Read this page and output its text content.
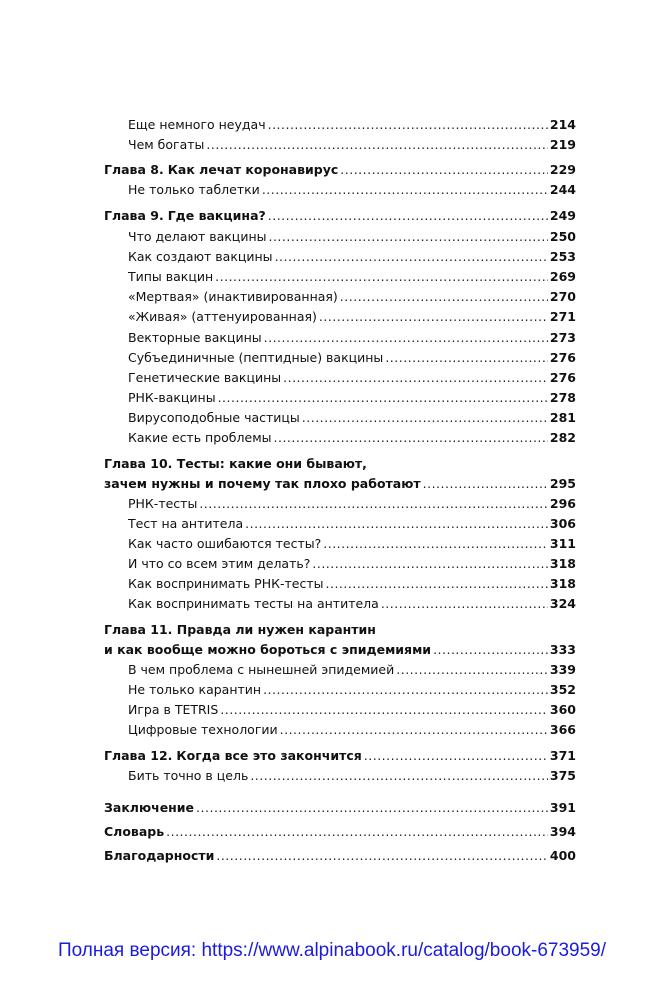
Еще немного неудач .....	214
Чем богаты .....	219
Глава 8. Как лечат коронавирус .....	229
Не только таблетки .....	244
Глава 9. Где вакцина? .....	249
Что делают вакцины .....	250
Как создают вакцины .....	253
Типы вакцин .....	269
«Мертвая» (инактивированная) .....	270
«Живая» (аттенуированная) .....	271
Векторные вакцины .....	273
Субъединичные (пептидные) вакцины .....	276
Генетические вакцины .....	276
РНК-вакцины .....	278
Вирусоподобные частицы .....	281
Какие есть проблемы .....	282
Глава 10. Тесты: какие они бывают,
зачем нужны и почему так плохо работают .....	295
РНК-тесты .....	296
Тест на антитела .....	306
Как часто ошибаются тесты? .....	311
И что со всем этим делать? .....	318
Как воспринимать РНК-тесты .....	318
Как воспринимать тесты на антитела .....	324
Глава 11. Правда ли нужен карантин
и как вообще можно бороться с эпидемиями .....	333
В чем проблема с нынешней эпидемией .....	339
Не только карантин .....	352
Игра в TETRIS .....	360
Цифровые технологии .....	366
Глава 12. Когда все это закончится .....	371
Бить точно в цель .....	375
Заключение .....	391
Словарь .....	394
Благодарности .....	400
Полная версия: https://www.alpinabook.ru/catalog/book-673959/
